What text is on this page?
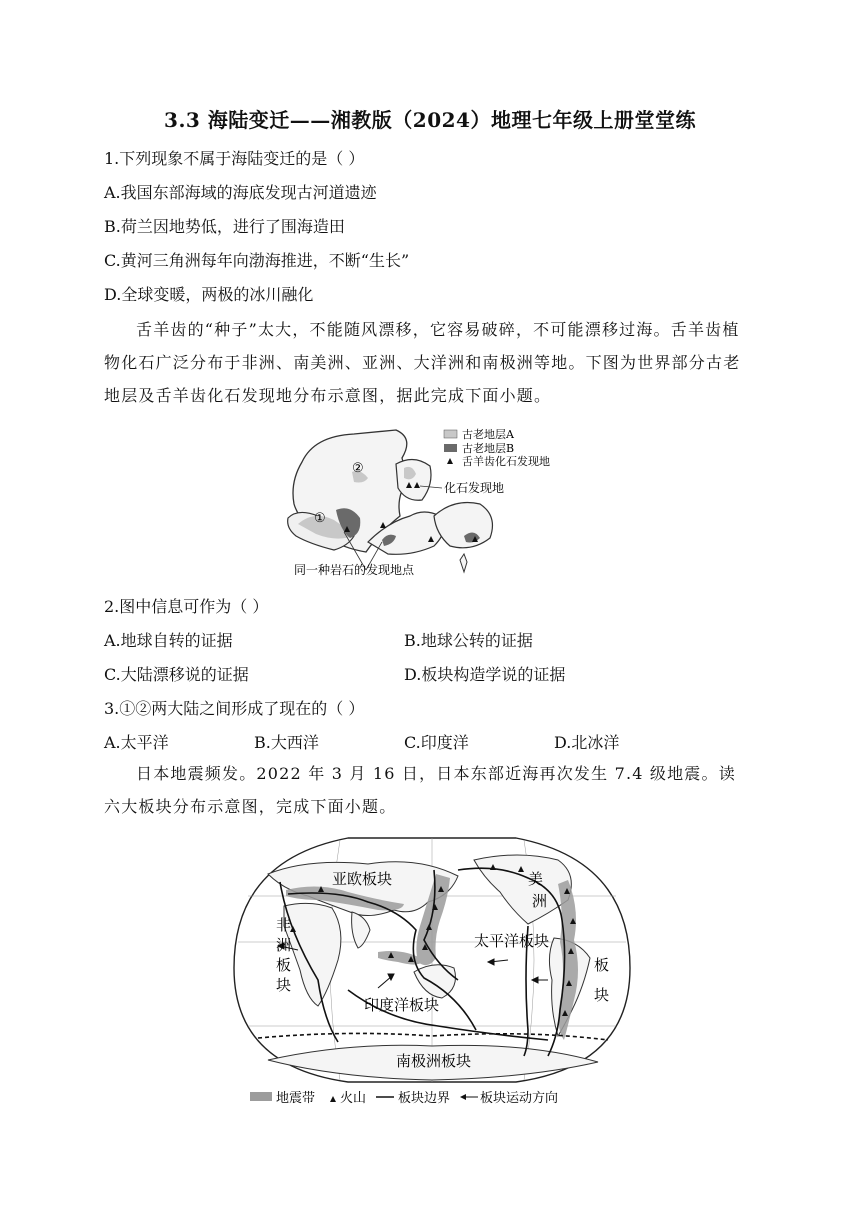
3.3 海陆变迁——湘教版（2024）地理七年级上册堂堂练
1.下列现象不属于海陆变迁的是（ ）
A.我国东部海域的海底发现古河道遗迹
B.荷兰因地势低，进行了围海造田
C.黄河三角洲每年向渤海推进，不断“生长”
D.全球变暖，两极的冰川融化
舌羊齿的“种子”太大，不能随风漂移，它容易破碎，不可能漂移过海。舌羊齿植物化石广泛分布于非洲、南美洲、亚洲、大洋洲和南极洲等地。下图为世界部分古老地层及舌羊齿化石发现地分布示意图，据此完成下面小题。
①
②
化石发现地
同一种岩石的发现地点
古老地层A
古老地层B
舌羊齿化石发现地
2.图中信息可作为（ ）
A.地球自转的证据	B.地球公转的证据
C.大陆漂移说的证据	D.板块构造学说的证据
3.①②两大陆之间形成了现在的（ ）
A.太平洋	B.大西洋	C.印度洋	D.北冰洋
日本地震频发。2022 年 3 月 16 日，日本东部近海再次发生 7.4 级地震。读六大板块分布示意图，完成下面小题。
亚欧板块
太平洋板块
印度洋板块
南极洲板块
非
洲
板
块
美
洲
板
块
地震带 火山 板块边界 板块运动方向
